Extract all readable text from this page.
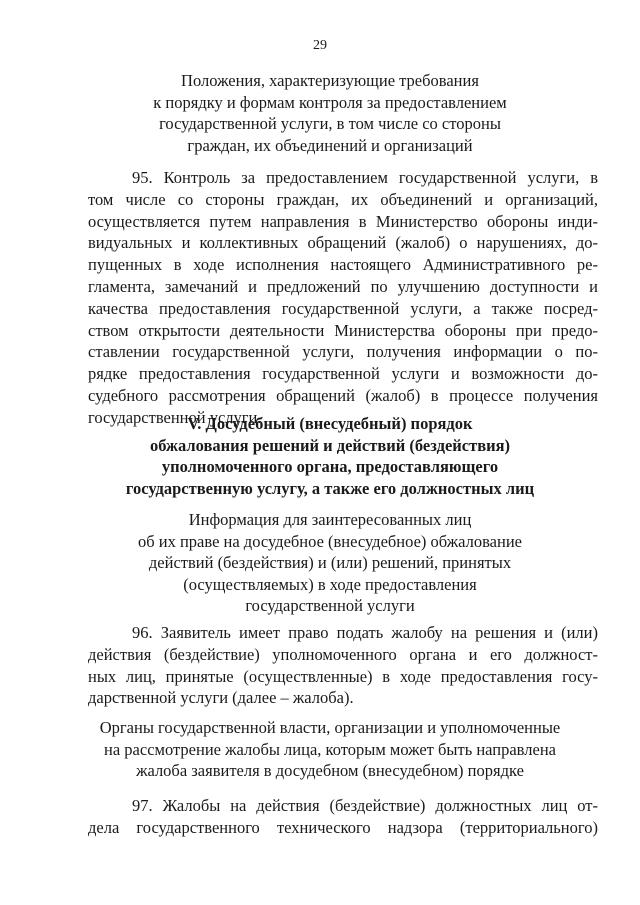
29
Положения, характеризующие требования
к порядку и формам контроля за предоставлением
государственной услуги, в том числе со стороны
граждан, их объединений и организаций
95. Контроль за предоставлением государственной услуги, в
том числе со стороны граждан, их объединений и организаций,
осуществляется путем направления в Министерство обороны инди-
видуальных и коллективных обращений (жалоб) о нарушениях, до-
пущенных в ходе исполнения настоящего Административного ре-
гламента, замечаний и предложений по улучшению доступности и
качества предоставления государственной услуги, а также посред-
ством открытости деятельности Министерства обороны при предо-
ставлении государственной услуги, получения информации о по-
рядке предоставления государственной услуги и возможности до-
судебного рассмотрения обращений (жалоб) в процессе получения
государственной услуги.
V. Досудебный (внесудебный) порядок
обжалования решений и действий (бездействия)
уполномоченного органа, предоставляющего
государственную услугу, а также его должностных лиц
Информация для заинтересованных лиц
об их праве на досудебное (внесудебное) обжалование
действий (бездействия) и (или) решений, принятых
(осуществляемых) в ходе предоставления
государственной услуги
96. Заявитель имеет право подать жалобу на решения и (или)
действия (бездействие) уполномоченного органа и его должност-
ных лиц, принятые (осуществленные) в ходе предоставления госу-
дарственной услуги (далее – жалоба).
Органы государственной власти, организации и уполномоченные
на рассмотрение жалобы лица, которым может быть направлена
жалоба заявителя в досудебном (внесудебном) порядке
97. Жалобы на действия (бездействие) должностных лиц от-
дела государственного технического надзора (территориального)
